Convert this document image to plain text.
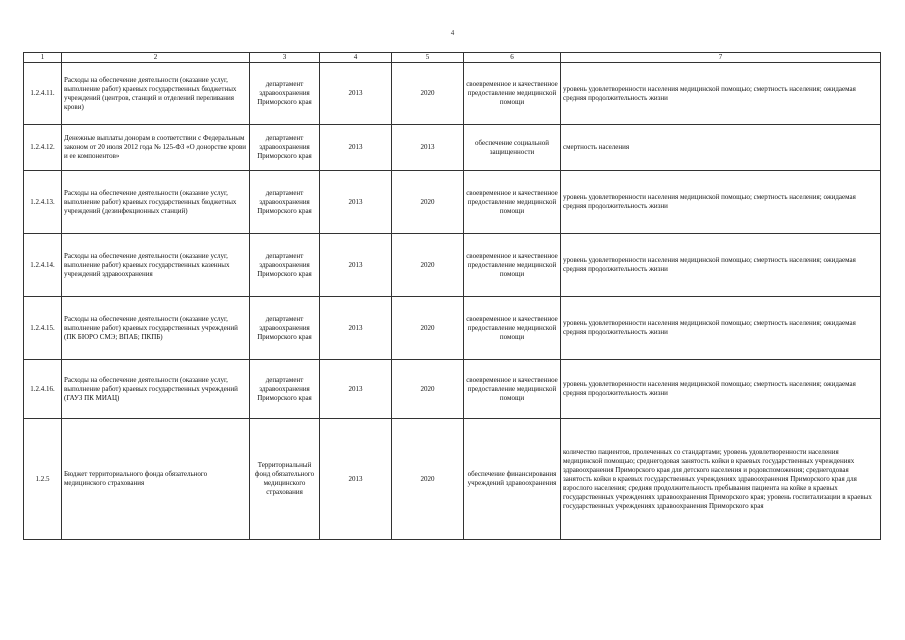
4
1	2	3	4	5	6	7
1.2.4.11.	Расходы на обеспечение деятельности (оказание услуг, выполнение работ) краевых государственных бюджетных учреждений (центров, станций и отделений переливания крови)	департамент здравоохранения Приморского края	2013	2020	своевременное и качественное предоставление медицинской помощи	уровень удовлетворенности населения медицинской помощью; смертность населения; ожидаемая средняя продолжительность жизни
1.2.4.12.	Денежные выплаты донорам в соответствии с Федеральным законом от 20 июля 2012 года № 125-ФЗ «О донорстве крови и ее компонентов»	департамент здравоохранения Приморского края	2013	2013	обеспечение социальной защищенности	смертность населения
1.2.4.13.	Расходы на обеспечение деятельности (оказание услуг, выполнение работ) краевых государственных бюджетных учреждений (дезинфекционных станций)	департамент здравоохранения Приморского края	2013	2020	своевременное и качественное предоставление медицинской помощи	уровень удовлетворенности населения медицинской помощью; смертность населения; ожидаемая средняя продолжительность жизни
1.2.4.14.	Расходы на обеспечение деятельности (оказание услуг, выполнение работ) краевых государственных казенных учреждений здравоохранения	департамент здравоохранения Приморского края	2013	2020	своевременное и качественное предоставление медицинской помощи	уровень удовлетворенности населения медицинской помощью; смертность населения; ожидаемая средняя продолжительность жизни
1.2.4.15.	Расходы на обеспечение деятельности (оказание услуг, выполнение работ) краевых государственных учреждений (ПК БЮРО СМЭ; ВПАБ; ПКПБ)	департамент здравоохранения Приморского края	2013	2020	своевременное и качественное предоставление медицинской помощи	уровень удовлетворенности населения медицинской помощью; смертность населения; ожидаемая средняя продолжительность жизни
1.2.4.16.	Расходы на обеспечение деятельности (оказание услуг, выполнение работ) краевых государственных учреждений (ГАУЗ ПК МИАЦ)	департамент здравоохранения Приморского края	2013	2020	своевременное и качественное предоставление медицинской помощи	уровень удовлетворенности населения медицинской помощью; смертность населения; ожидаемая средняя продолжительность жизни
1.2.5	Бюджет территориального фонда обязательного медицинского страхования	Территориальный фонд обязательного медицинского страхования	2013	2020	обеспечение финансирования учреждений здравоохранения	количество пациентов, пролеченных со стандартами; уровень удовлетворенности населения медицинской помощью; среднегодовая занятость койки в краевых государственных учреждениях здравоохранения Приморского края для детского населения и родовспоможения; среднегодовая занятость койки в краевых государственных учреждениях здравоохранения Приморского края для взрослого населения; средняя продолжительность пребывания пациента на койке в краевых государственных учреждениях здравоохранения Приморского края; уровень госпитализации в краевых государственных учреждениях здравоохранения Приморского края
